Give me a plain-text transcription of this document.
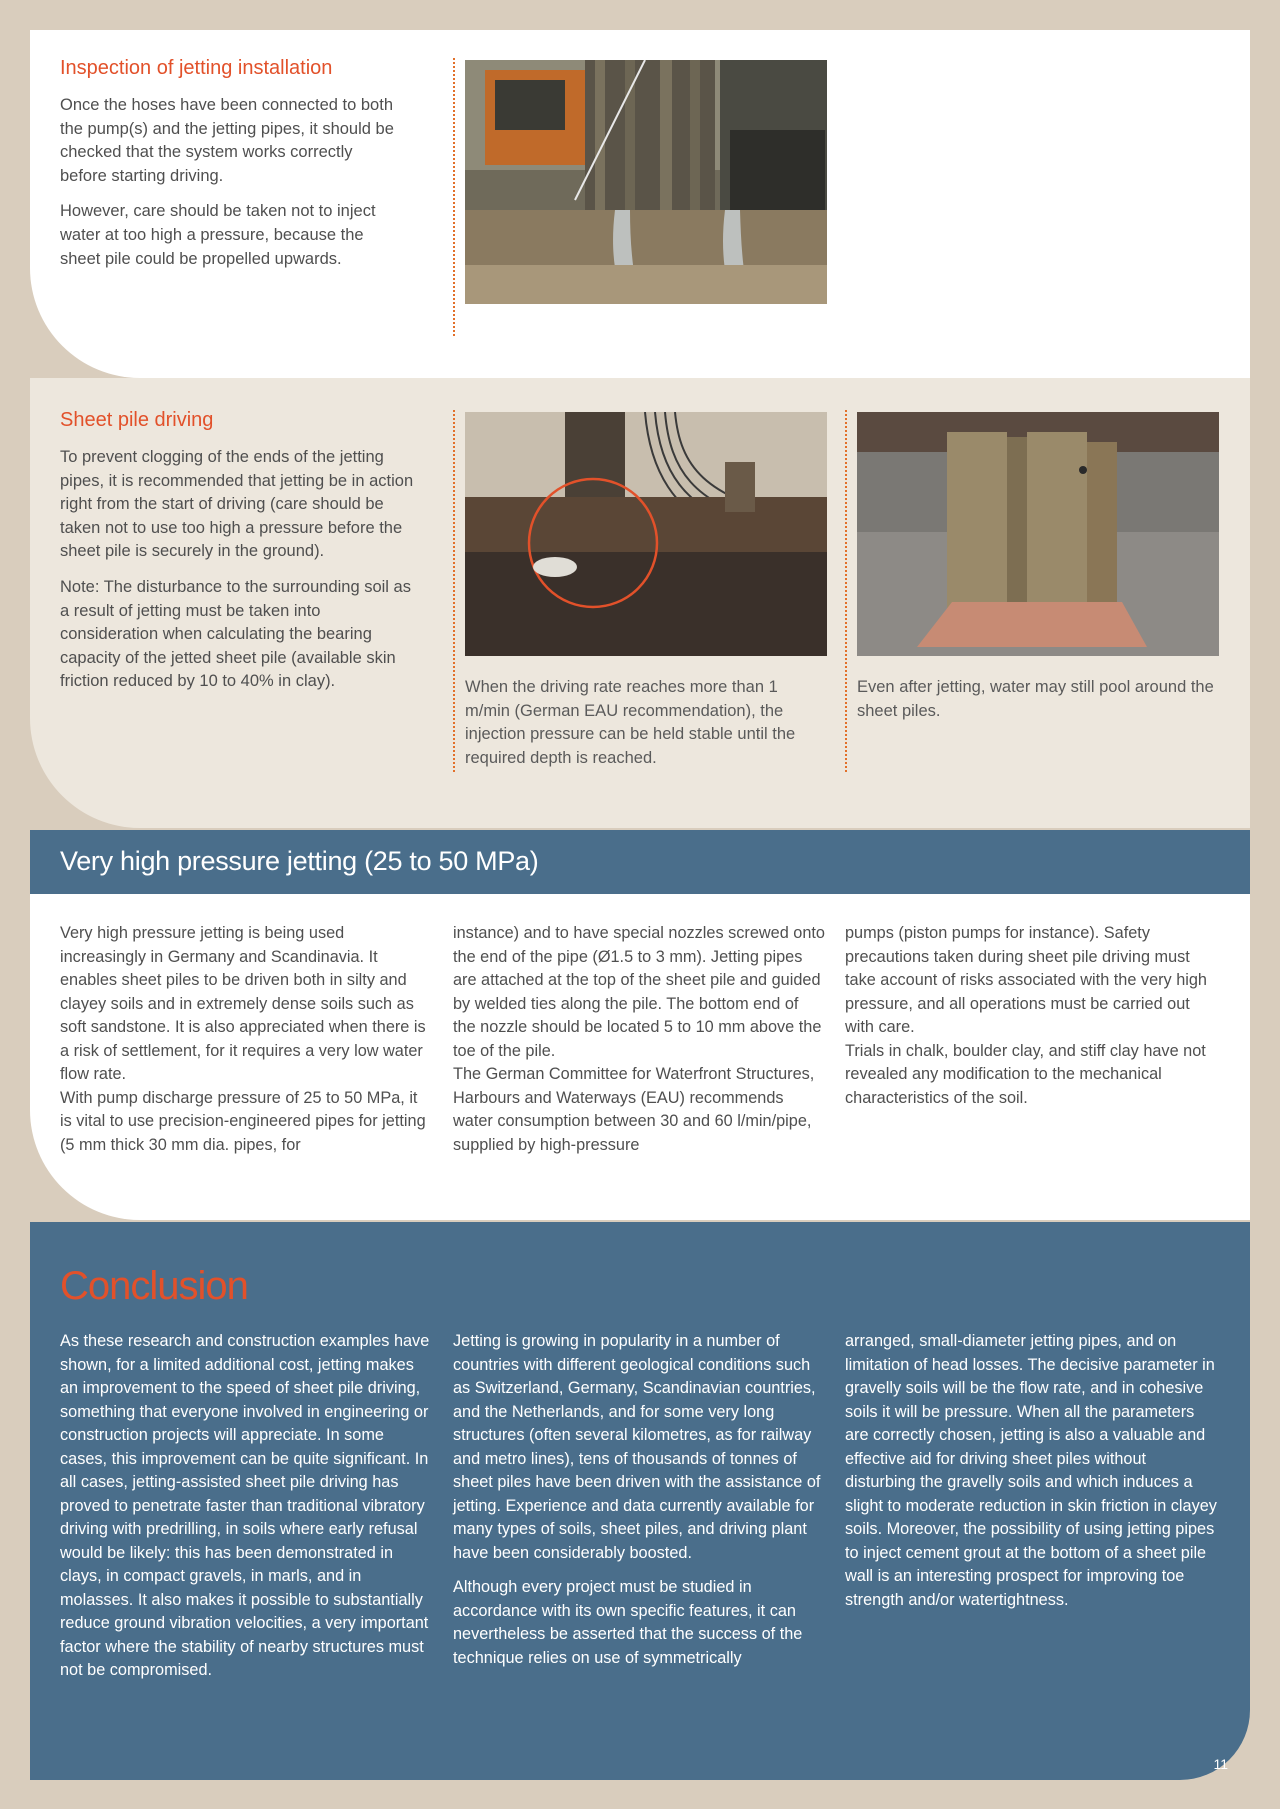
Inspection of jetting installation

Once the hoses have been connected to both the pump(s) and the jetting pipes, it should be checked that the system works correctly before starting driving.

However, care should be taken not to inject water at too high a pressure, because the sheet pile could be propelled upwards.

Sheet pile driving

To prevent clogging of the ends of the jetting pipes, it is recommended that jetting be in action right from the start of driving (care should be taken not to use too high a pressure before the sheet pile is securely in the ground).

Note: The disturbance to the surrounding soil as a result of jetting must be taken into consideration when calculating the bearing capacity of the jetted sheet pile (available skin friction reduced by 10 to 40% in clay).	When the driving rate reaches more than 1 m/min (German EAU recommendation), the injection pressure can be held stable until the required depth is reached.

Even after jetting, water may still pool around the sheet piles.

Very high pressure jetting (25 to 50 MPa)

Very high pressure jetting is being used increasingly in Germany and Scandinavia. It enables sheet piles to be driven both in silty and clayey soils and in extremely dense soils such as soft sandstone. It is also appreciated when there is a risk of settlement, for it requires a very low water flow rate.
With pump discharge pressure of 25 to 50 MPa, it is vital to use precision-engineered pipes for jetting (5 mm thick 30 mm dia. pipes, for

instance) and to have special nozzles screwed onto the end of the pipe (Ø1.5 to 3 mm). Jetting pipes are attached at the top of the sheet pile and guided by welded ties along the pile. The bottom end of the nozzle should be located 5 to 10 mm above the toe of the pile.
The German Committee for Waterfront Structures, Harbours and Waterways (EAU) recommends water consumption between 30 and 60 l/min/pipe, supplied by high-pressure

pumps (piston pumps for instance). Safety precautions taken during sheet pile driving must take account of risks associated with the very high pressure, and all operations must be carried out with care.
Trials in chalk, boulder clay, and stiff clay have not revealed any modification to the mechanical characteristics of the soil.

Conclusion

As these research and construction examples have shown, for a limited additional cost, jetting makes an improvement to the speed of sheet pile driving, something that everyone involved in engineering or construction projects will appreciate. In some cases, this improvement can be quite significant. In all cases, jetting-assisted sheet pile driving has proved to penetrate faster than traditional vibratory driving with predrilling, in soils where early refusal would be likely: this has been demonstrated in clays, in compact gravels, in marls, and in molasses. It also makes it possible to substantially reduce ground vibration velocities, a very important factor where the stability of nearby structures must not be compromised.

Jetting is growing in popularity in a number of countries with different geological conditions such as Switzerland, Germany, Scandinavian countries, and the Netherlands, and for some very long structures (often several kilometres, as for railway and metro lines), tens of thousands of tonnes of sheet piles have been driven with the assistance of jetting. Experience and data currently available for many types of soils, sheet piles, and driving plant have been considerably boosted.

Although every project must be studied in accordance with its own specific features, it can nevertheless be asserted that the success of the technique relies on use of symmetrically

arranged, small-diameter jetting pipes, and on limitation of head losses. The decisive parameter in gravelly soils will be the flow rate, and in cohesive soils it will be pressure. When all the parameters are correctly chosen, jetting is also a valuable and effective aid for driving sheet piles without disturbing the gravelly soils and which induces a slight to moderate reduction in skin friction in clayey soils. Moreover, the possibility of using jetting pipes to inject cement grout at the bottom of a sheet pile wall is an interesting prospect for improving toe strength and/or watertightness.

11
